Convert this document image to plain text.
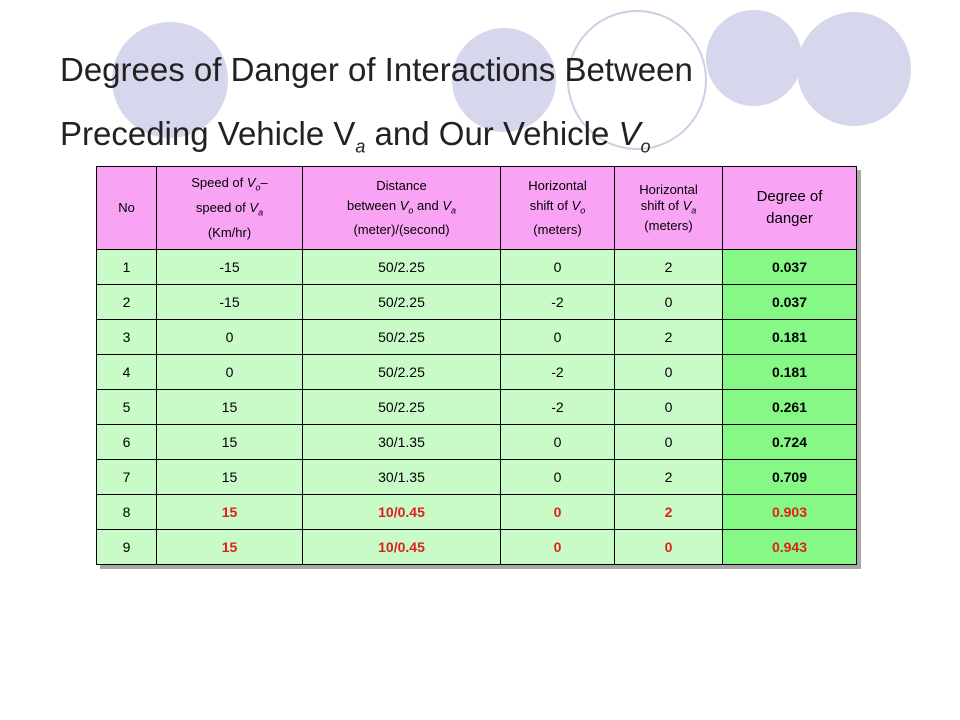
Degrees of Danger of Interactions Between
Preceding Vehicle $V_a$ and Our Vehicle $V_o$
No	Speed of $V_o-$
speed of $V_a$
(Km/hr)	Distance
between $V_o$ and $V_a$
(meter)/(second)	Horizontal
shift of $V_o$
(meters)	Horizontal
shift of $V_a$
(meters)	Degree of
danger
1	-15	50/2.25	0	2	0.037
2	-15	50/2.25	-2	0	0.037
3	0	50/2.25	0	2	0.181
4	0	50/2.25	-2	0	0.181
5	15	50/2.25	-2	0	0.261
6	15	30/1.35	0	0	0.724
7	15	30/1.35	0	2	0.709
8	15	10/0.45	0	2	0.903
9	15	10/0.45	0	0	0.943
